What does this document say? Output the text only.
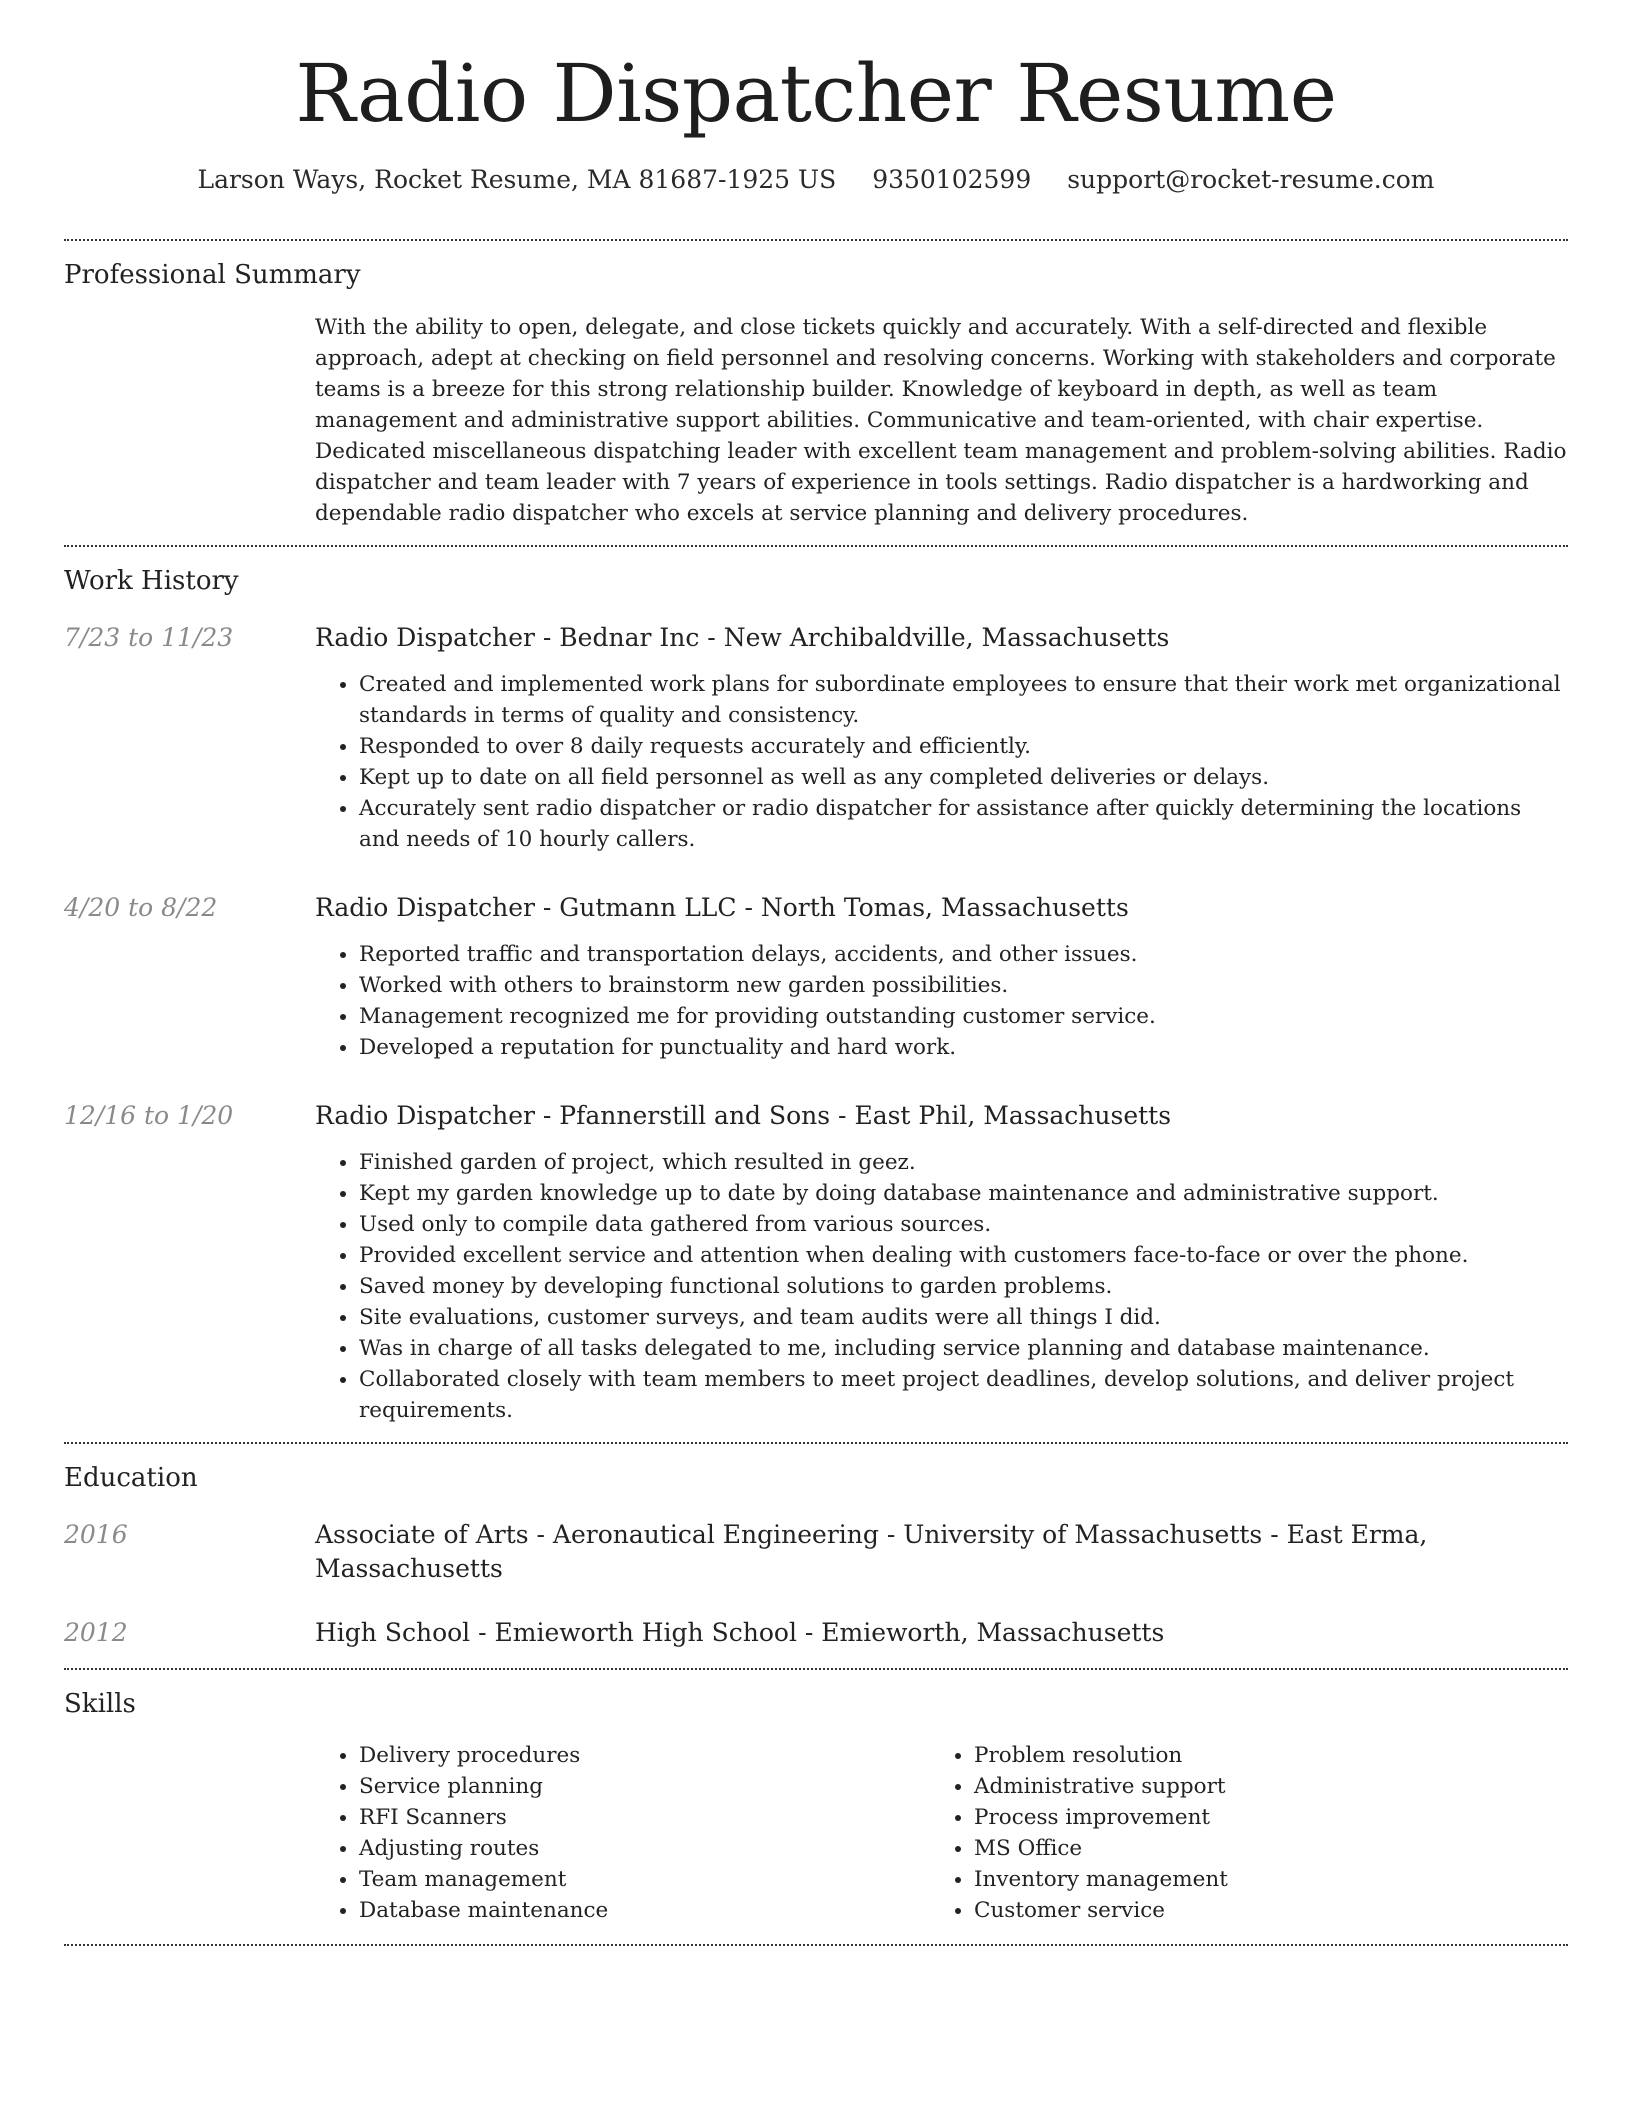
Radio Dispatcher Resume
Larson Ways, Rocket Resume, MA 81687-1925 US 9350102599 support@rocket-resume.com
Professional Summary
With the ability to open, delegate, and close tickets quickly and accurately. With a self-directed and flexible approach, adept at checking on field personnel and resolving concerns. Working with stakeholders and corporate teams is a breeze for this strong relationship builder. Knowledge of keyboard in depth, as well as team management and administrative support abilities. Communicative and team-oriented, with chair expertise. Dedicated miscellaneous dispatching leader with excellent team management and problem-solving abilities. Radio dispatcher and team leader with 7 years of experience in tools settings. Radio dispatcher is a hardworking and dependable radio dispatcher who excels at service planning and delivery procedures.
Work History
7/23 to 11/23	Radio Dispatcher - Bednar Inc - New Archibaldville, Massachusetts
• Created and implemented work plans for subordinate employees to ensure that their work met organizational standards in terms of quality and consistency.
• Responded to over 8 daily requests accurately and efficiently.
• Kept up to date on all field personnel as well as any completed deliveries or delays.
• Accurately sent radio dispatcher or radio dispatcher for assistance after quickly determining the locations and needs of 10 hourly callers.
4/20 to 8/22	Radio Dispatcher - Gutmann LLC - North Tomas, Massachusetts
• Reported traffic and transportation delays, accidents, and other issues.
• Worked with others to brainstorm new garden possibilities.
• Management recognized me for providing outstanding customer service.
• Developed a reputation for punctuality and hard work.
12/16 to 1/20	Radio Dispatcher - Pfannerstill and Sons - East Phil, Massachusetts
• Finished garden of project, which resulted in geez.
• Kept my garden knowledge up to date by doing database maintenance and administrative support.
• Used only to compile data gathered from various sources.
• Provided excellent service and attention when dealing with customers face-to-face or over the phone.
• Saved money by developing functional solutions to garden problems.
• Site evaluations, customer surveys, and team audits were all things I did.
• Was in charge of all tasks delegated to me, including service planning and database maintenance.
• Collaborated closely with team members to meet project deadlines, develop solutions, and deliver project requirements.
Education
2016	Associate of Arts - Aeronautical Engineering - University of Massachusetts - East Erma, Massachusetts
2012	High School - Emieworth High School - Emieworth, Massachusetts
Skills
• Delivery procedures
• Service planning
• RFI Scanners
• Adjusting routes
• Team management
• Database maintenance
• Problem resolution
• Administrative support
• Process improvement
• MS Office
• Inventory management
• Customer service
